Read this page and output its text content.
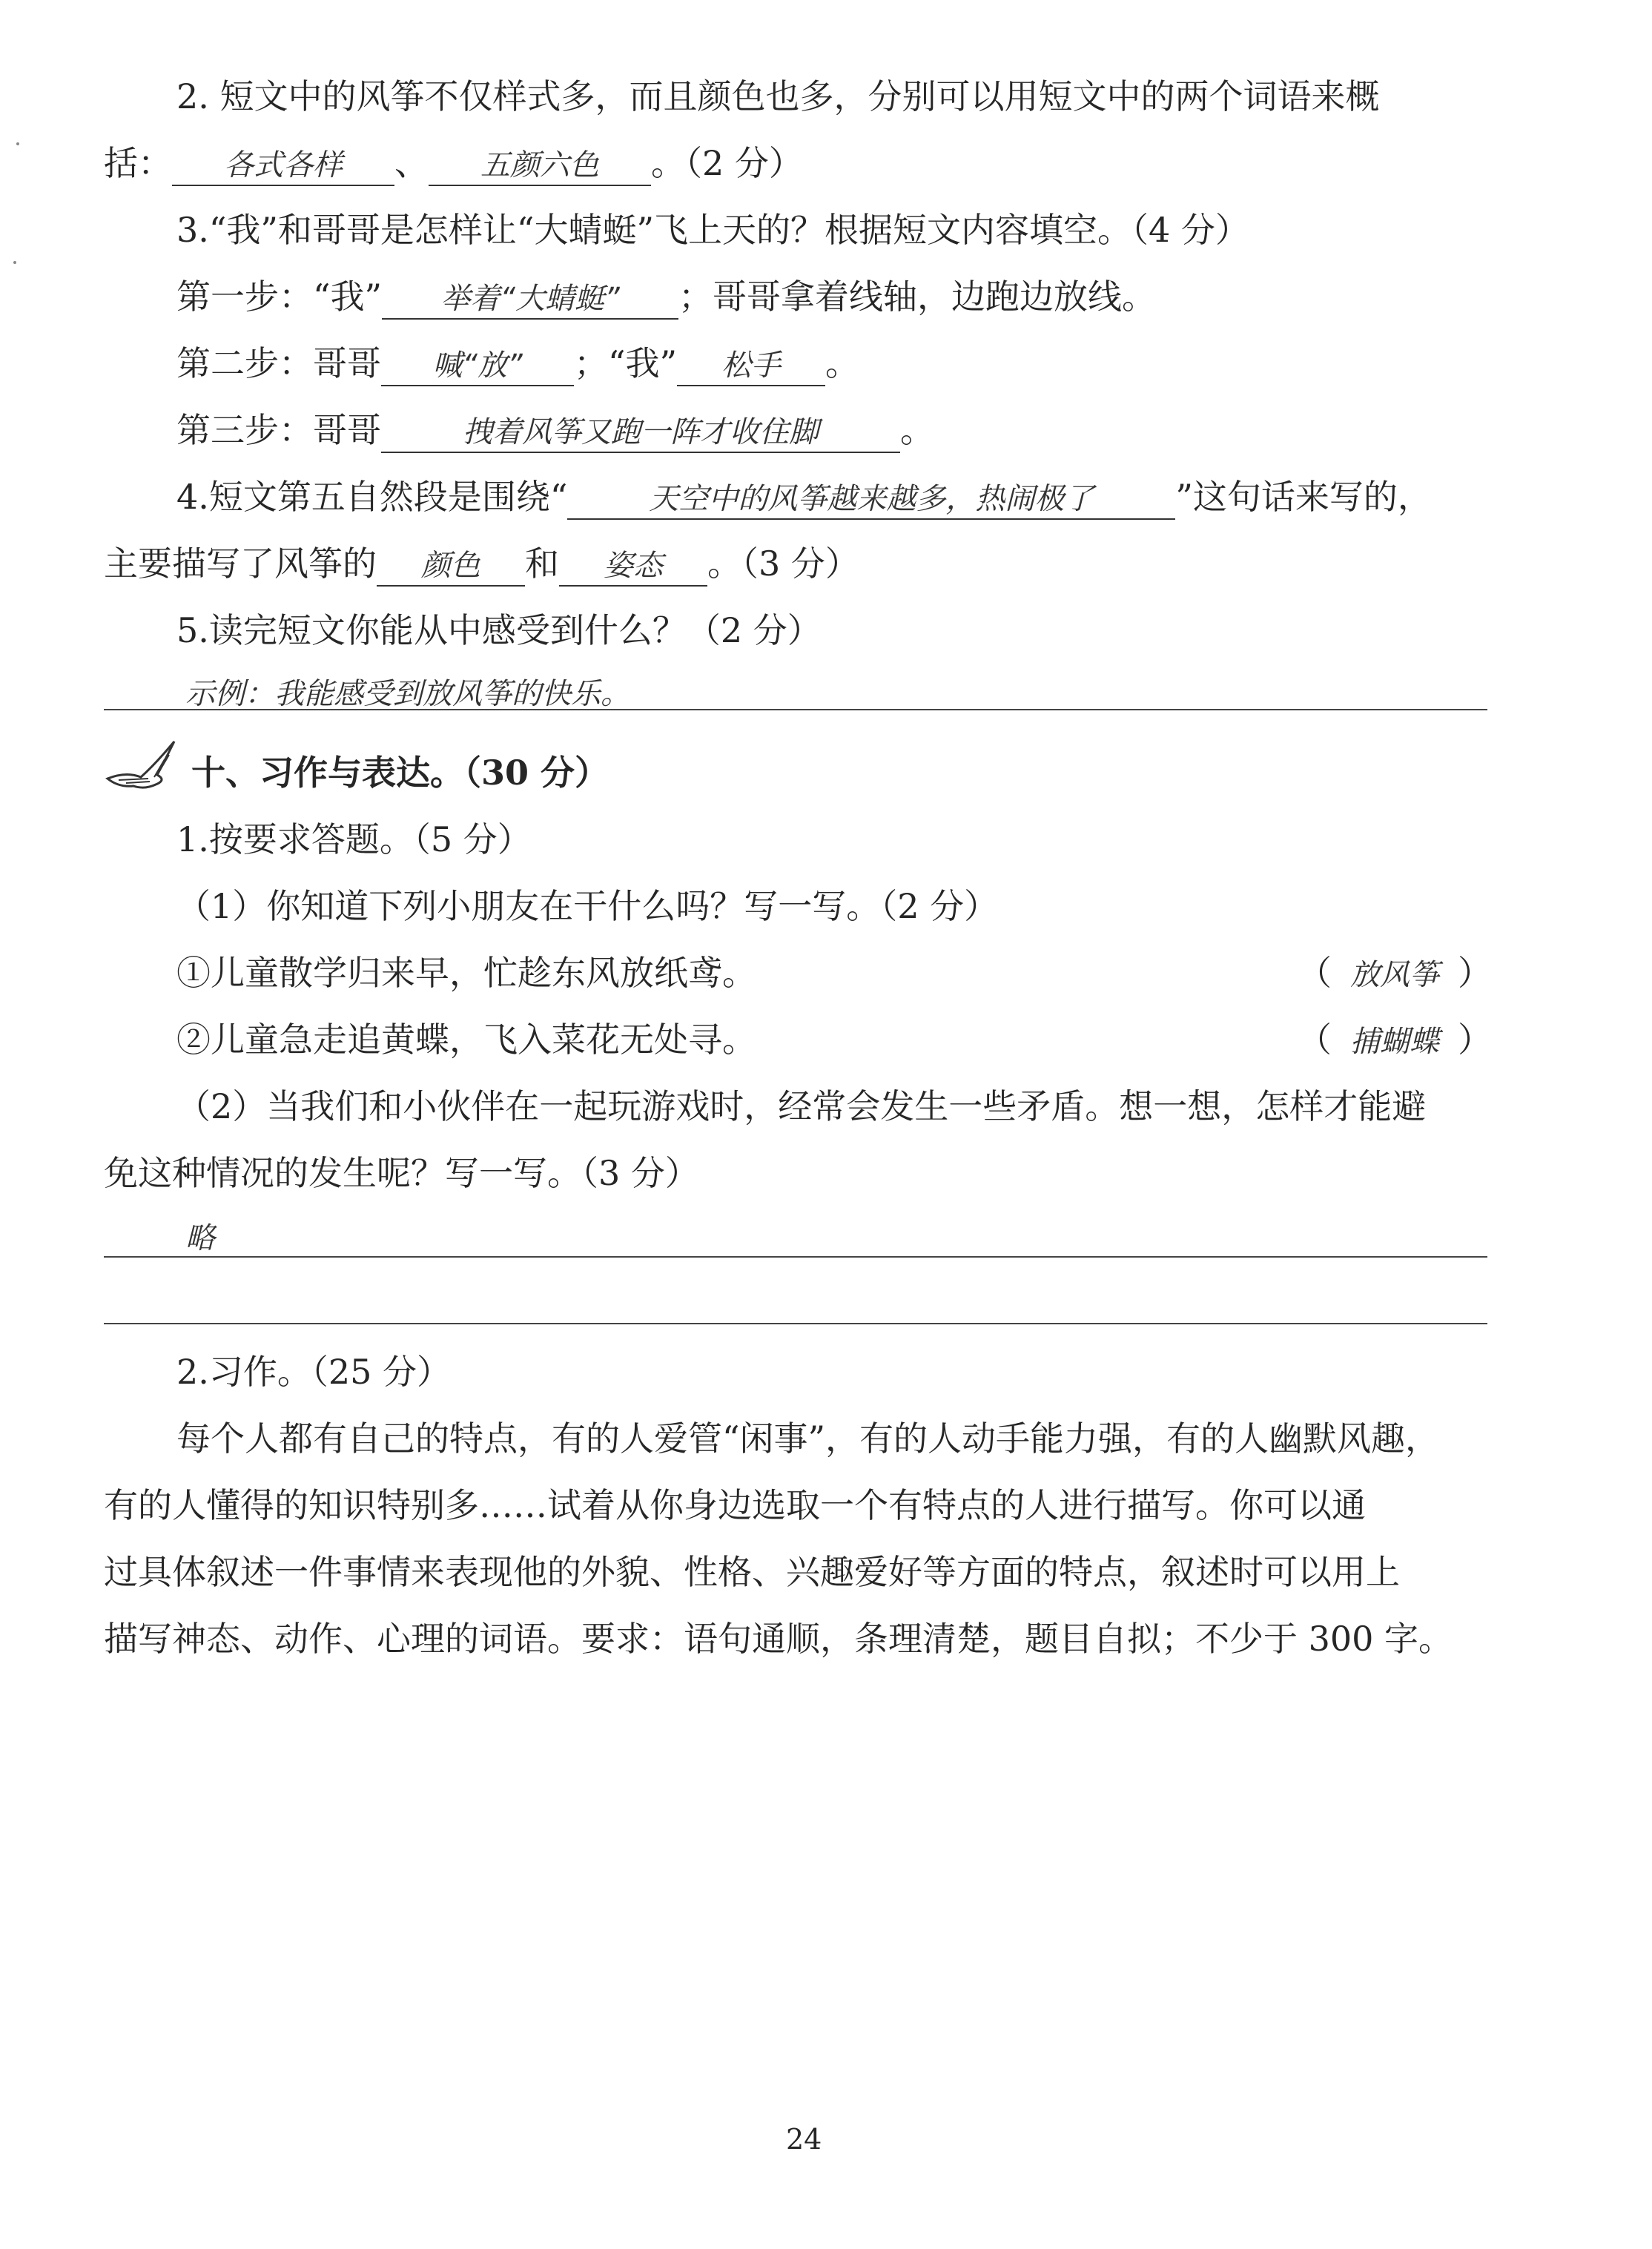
2. 短文中的风筝不仅样式多，而且颜色也多，分别可以用短文中的两个词语来概
括： 各式各样 、 五颜六色 。（2 分）
3.“我”和哥哥是怎样让“大蜻蜓”飞上天的？根据短文内容填空。（4 分）
第一步：“我” 举着“大蜻蜓” ；哥哥拿着线轴，边跑边放线。
第二步：哥哥 喊“放” ；“我” 松手 。
第三步：哥哥	拽着风筝又跑一阵才收住脚 。
4.短文第五自然段是围绕“	天空中的风筝越来越多，热闹极了 ”这句话来写的，
主要描写了风筝的 颜色 和 姿态 。（3 分）
5.读完短文你能从中感受到什么？（2 分）
示例：我能感受到放风筝的快乐。
十、习作与表达。（30 分）
1.按要求答题。（5 分）
（1）你知道下列小朋友在干什么吗？写一写。（2 分）
①儿童散学归来早，忙趁东风放纸鸢。	（ 放风筝 ）
②儿童急走追黄蝶，飞入菜花无处寻。	（ 捕蝴蝶 ）
（2）当我们和小伙伴在一起玩游戏时，经常会发生一些矛盾。想一想，怎样才能避
免这种情况的发生呢？写一写。（3 分）
略
2.习作。（25 分）
每个人都有自己的特点，有的人爱管“闲事”，有的人动手能力强，有的人幽默风趣，
有的人懂得的知识特别多……试着从你身边选取一个有特点的人进行描写。你可以通
过具体叙述一件事情来表现他的外貌、性格、兴趣爱好等方面的特点，叙述时可以用上
描写神态、动作、心理的词语。要求：语句通顺，条理清楚，题目自拟；不少于 300 字。
24
